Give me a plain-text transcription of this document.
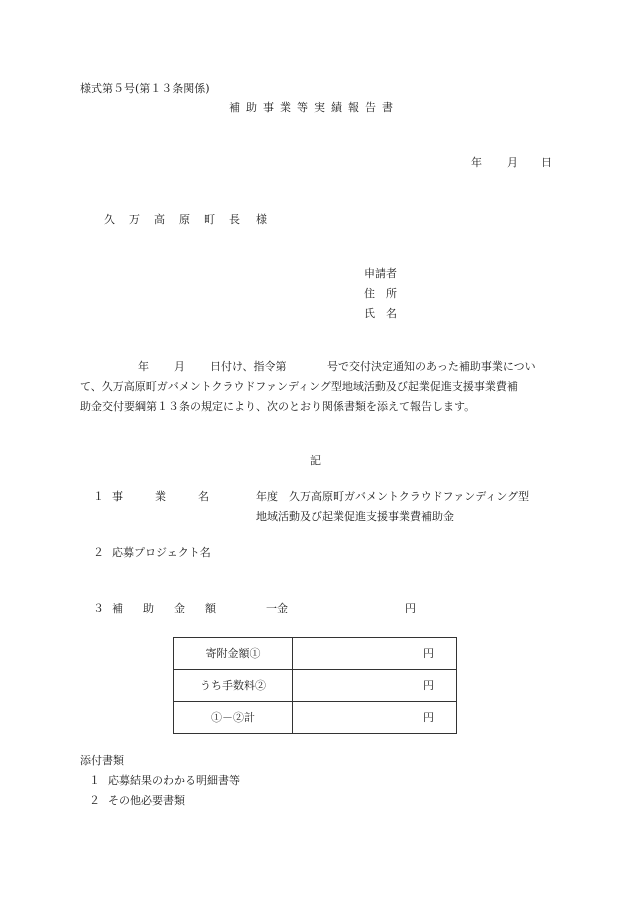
様式第５号(第１３条関係)
補助事業等実績報告書
年 月 日
久万高原町長 様
申請者
住　所
氏　名
年 月 日付け、指令第	号で交付決定通知のあった補助事業につい
て、久万高原町ガバメントクラウドファンディング型地域活動及び起業促進支援事業費補
助金交付要綱第１３条の規定により、次のとおり関係書類を添えて報告します。
記
１ 事業名 年度　久万高原町ガバメントクラウドファンディング型
地域活動及び起業促進支援事業費補助金
２ 応募プロジェクト名
３ 補助金額	一金	円
寄附金額①	円
うち手数料②	円
①－②計	円
添付書類
１ 応募結果のわかる明細書等
２ その他必要書類
